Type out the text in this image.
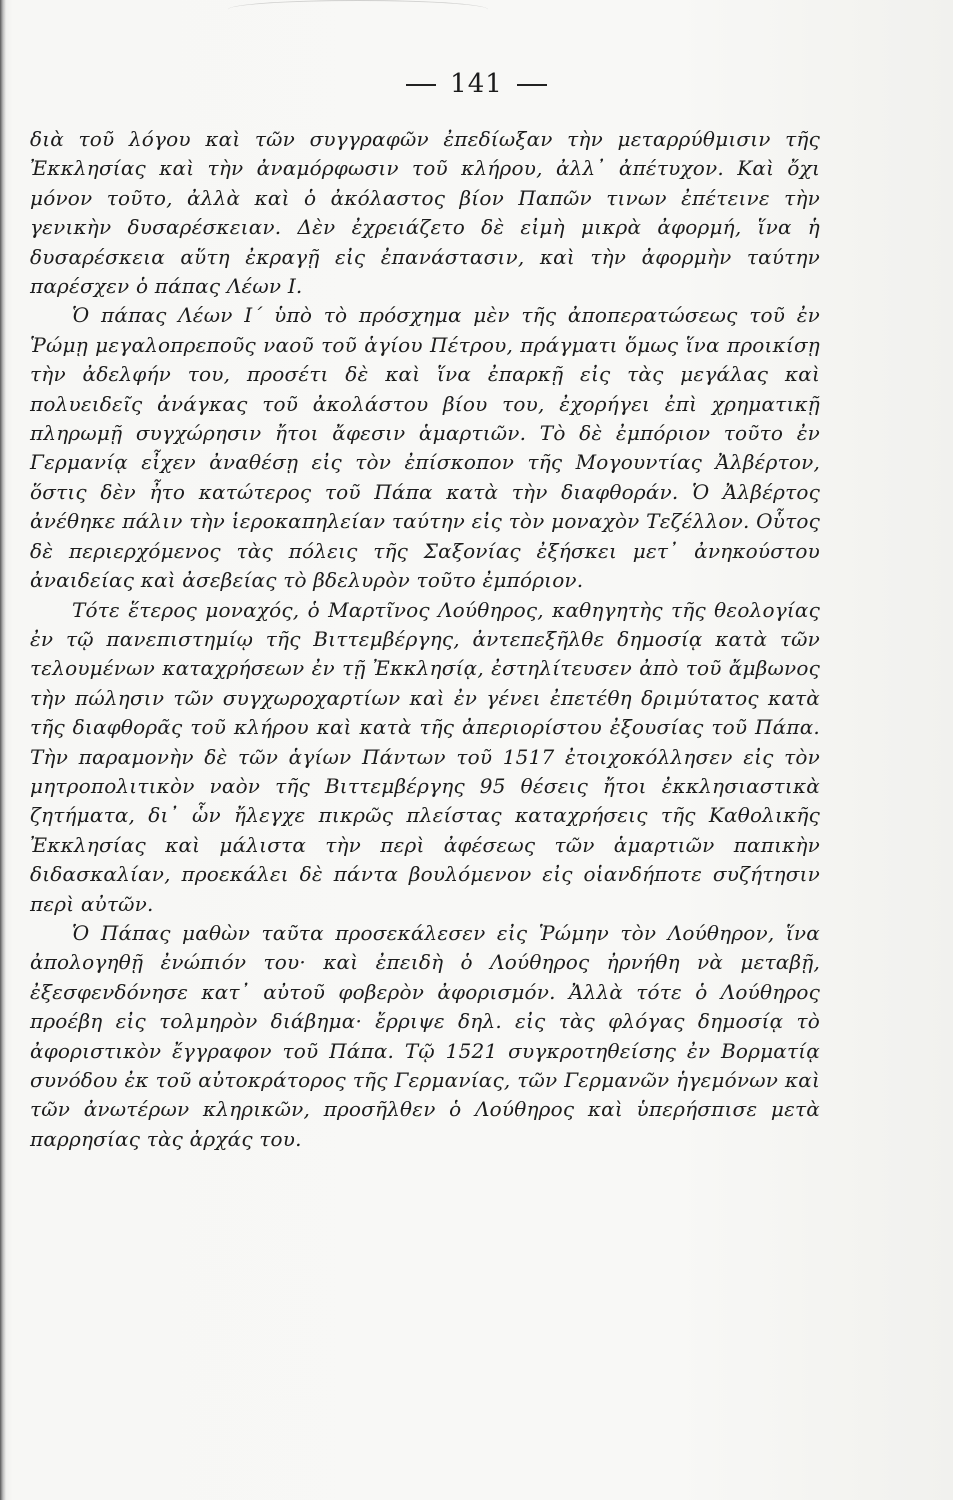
141

διὰ τοῦ λόγου καὶ τῶν συγγραφῶν ἐπεδίωξαν τὴν μεταρρύθμισιν τῆς Ἐκκλησίας καὶ τὴν ἀναμόρφωσιν τοῦ κλήρου, ἀλλ᾽ ἀπέτυχον. Καὶ ὄχι μόνον τοῦτο, ἀλλὰ καὶ ὁ ἀκόλαστος βίον Παπῶν τινων ἐπέτεινε τὴν γενικὴν δυσαρέσκειαν. Δὲν ἐχρειάζετο δὲ εἰμὴ μικρὰ ἀφορμή, ἵνα ἡ δυσαρέσκεια αὕτη ἐκραγῇ εἰς ἐπανάστασιν, καὶ τὴν ἀφορμὴν ταύτην παρέσχεν ὁ πάπας Λέων Ι.

Ὁ πάπας Λέων Ι΄ ὑπὸ τὸ πρόσχημα μὲν τῆς ἀποπερατώσεως τοῦ ἐν Ῥώμῃ μεγαλοπρεποῦς ναοῦ τοῦ ἁγίου Πέτρου, πράγματι ὅμως ἵνα προικίσῃ τὴν ἀδελφήν του, προσέτι δὲ καὶ ἵνα ἐπαρκῇ εἰς τὰς μεγάλας καὶ πολυειδεῖς ἀνάγκας τοῦ ἀκολάστου βίου του, ἐχορήγει ἐπὶ χρηματικῇ πληρωμῇ συγχώρησιν ἤτοι ἄφεσιν ἁμαρτιῶν. Τὸ δὲ ἐμπόριον τοῦτο ἐν Γερμανίᾳ εἶχεν ἀναθέσῃ εἰς τὸν ἐπίσκοπον τῆς Μογουντίας Ἀλβέρτον, ὅστις δὲν ἦτο κατώτερος τοῦ Πάπα κατὰ τὴν διαφθοράν. Ὁ Ἀλβέρτος ἀνέθηκε πάλιν τὴν ἱεροκαπηλείαν ταύτην εἰς τὸν μοναχὸν Τεζέλλον. Οὗτος δὲ περιερχόμενος τὰς πόλεις τῆς Σαξονίας ἐξήσκει μετ᾽ ἀνηκούστου ἀναιδείας καὶ ἀσεβείας τὸ βδελυρὸν τοῦτο ἐμπόριον.

Τότε ἕτερος μοναχός, ὁ Μαρτῖνος Λούθηρος, καθηγητὴς τῆς θεολογίας ἐν τῷ πανεπιστημίῳ τῆς Βιττεμβέργης, ἀντεπεξῆλθε δημοσίᾳ κατὰ τῶν τελουμένων καταχρήσεων ἐν τῇ Ἐκκλησίᾳ, ἐστηλίτευσεν ἀπὸ τοῦ ἄμβωνος τὴν πώλησιν τῶν συγχωροχαρτίων καὶ ἐν γένει ἐπετέθη δριμύτατος κατὰ τῆς διαφθορᾶς τοῦ κλήρου καὶ κατὰ τῆς ἀπεριορίστου ἐξουσίας τοῦ Πάπα. Τὴν παραμονὴν δὲ τῶν ἁγίων Πάντων τοῦ 1517 ἐτοιχοκόλλησεν εἰς τὸν μητροπολιτικὸν ναὸν τῆς Βιττεμβέργης 95 θέσεις ἤτοι ἐκκλησιαστικὰ ζητήματα, δι᾽ ὧν ἤλεγχε πικρῶς πλείστας καταχρήσεις τῆς Καθολικῆς Ἐκκλησίας καὶ μάλιστα τὴν περὶ ἀφέσεως τῶν ἁμαρτιῶν παπικὴν διδασκαλίαν, προεκάλει δὲ πάντα βουλόμενον εἰς οἱανδήποτε συζήτησιν περὶ αὐτῶν.

Ὁ Πάπας μαθὼν ταῦτα προσεκάλεσεν εἰς Ῥώμην τὸν Λούθηρον, ἵνα ἀπολογηθῇ ἐνώπιόν του· καὶ ἐπειδὴ ὁ Λούθηρος ἠρνήθη νὰ μεταβῇ, ἐξεσφενδόνησε κατ᾽ αὐτοῦ φοβερὸν ἀφορισμόν. Ἀλλὰ τότε ὁ Λούθηρος προέβη εἰς τολμηρὸν διάβημα· ἔρριψε δηλ. εἰς τὰς φλόγας δημοσίᾳ τὸ ἀφοριστικὸν ἔγγραφον τοῦ Πάπα. Τῷ 1521 συγκροτηθείσης ἐν Βορματίᾳ συνόδου ἐκ τοῦ αὐτοκράτορος τῆς Γερμανίας, τῶν Γερμανῶν ἡγεμόνων καὶ τῶν ἀνωτέρων κληρικῶν, προσῆλθεν ὁ Λούθηρος καὶ ὑπερήσπισε μετὰ παρρησίας τὰς ἀρχάς του.
